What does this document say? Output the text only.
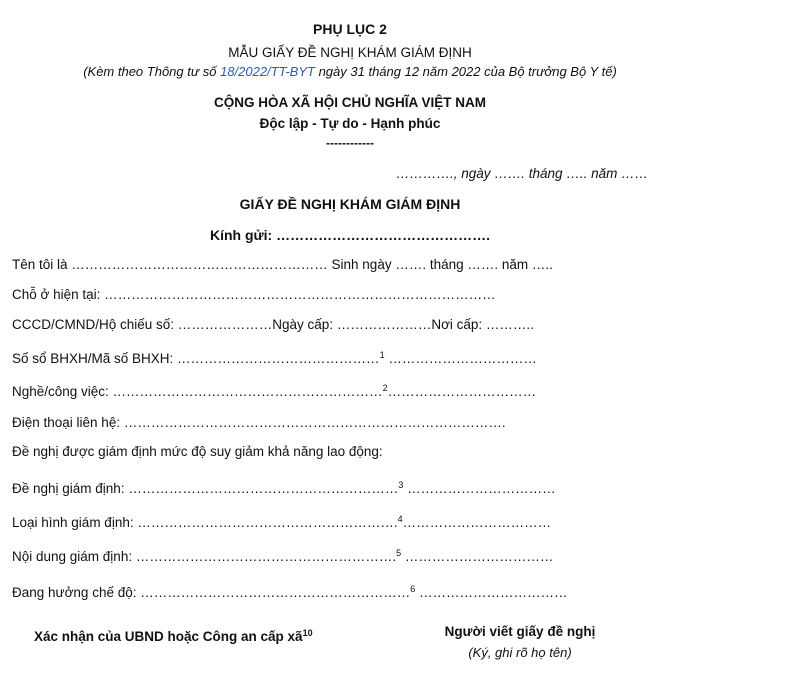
PHỤ LỤC 2
MẪU GIẤY ĐỀ NGHỊ KHÁM GIÁM ĐỊNH
(Kèm theo Thông tư số 18/2022/TT-BYT ngày 31 tháng 12 năm 2022 của Bộ trưởng Bộ Y tế)
CỘNG HÒA XÃ HỘI CHỦ NGHĨA VIỆT NAM
Độc lập - Tự do - Hạnh phúc
------------
…………., ngày ……. tháng ….. năm ……
GIẤY ĐỀ NGHỊ KHÁM GIÁM ĐỊNH
Kính gửi: ……………………………………….
Tên tôi là ………………………………………………… Sinh ngày ……. tháng ……. năm …..
Chỗ ở hiện tại: ……………………………………………………………………………
CCCD/CMND/Hộ chiếu số: …………………Ngày cấp: …………………Nơi cấp: ………..
Số sổ BHXH/Mã số BHXH: ………………………………………$^1$ ……………………………
Nghề/công việc: ……………………………………………………$^2$……………………………
Điện thoại liên hệ: ………………………………………………………………………….
Đề nghị được giám định mức độ suy giảm khả năng lao động:
Đề nghị giám định: ……………………………………………………$^3$ ……………………………
Loại hình giám định: ………………………………………………….$^4$……………………………
Nội dung giám định: ………………………………………………….$^5$ ……………………………
Đang hưởng chế độ: ……………………………………………………$^6$ ……………………………
Xác nhận của UBND hoặc Công an cấp $xã^{10}$	Người viết giấy đề nghị
(Ký, ghi rõ họ tên)
